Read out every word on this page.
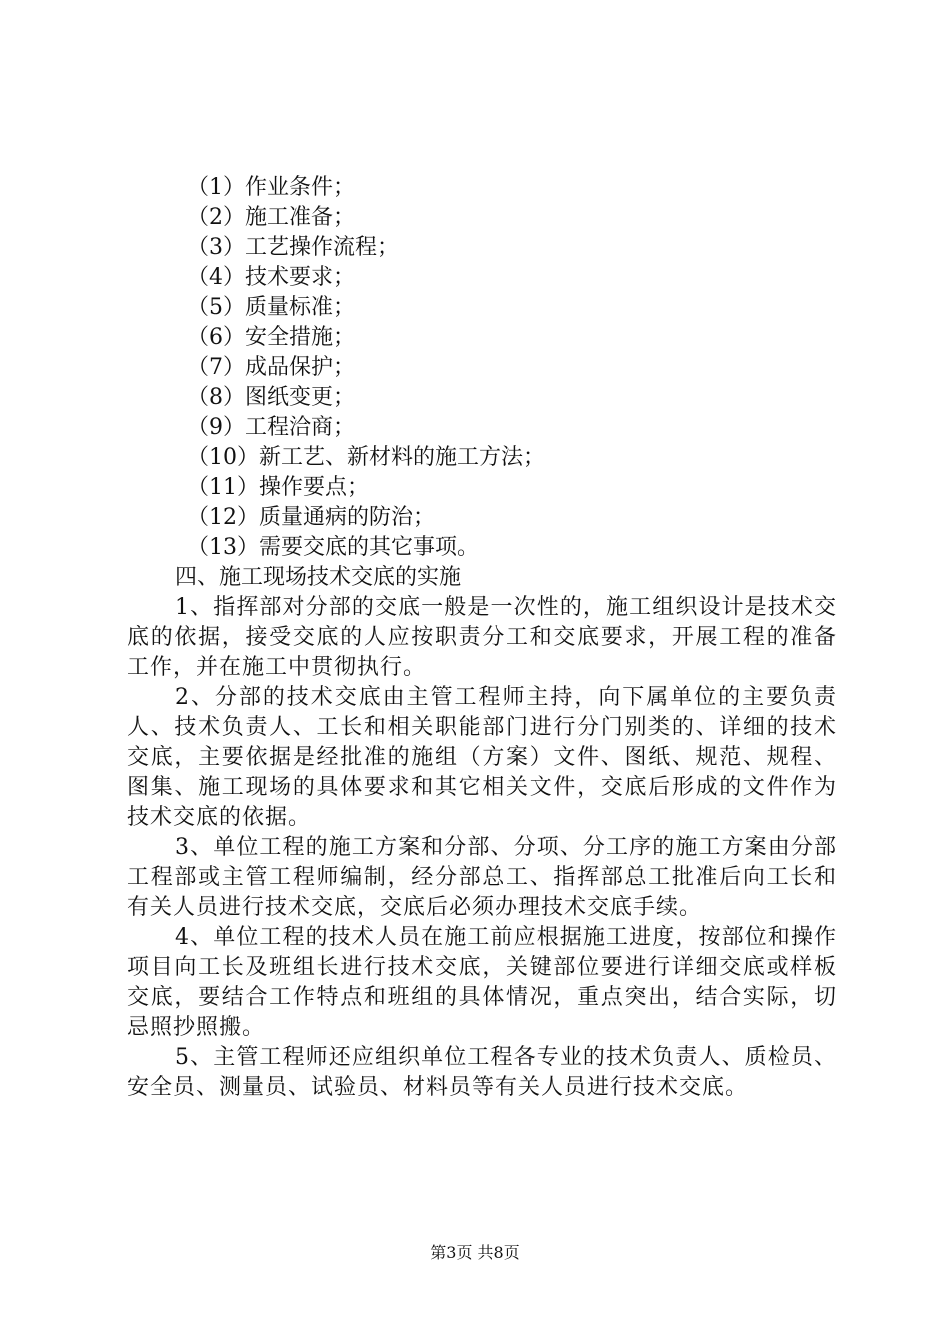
（1）作业条件；
（2）施工准备；
（3）工艺操作流程；
（4）技术要求；
（5）质量标准；
（6）安全措施；
（7）成品保护；
（8）图纸变更；
（9）工程洽商；
（10）新工艺、新材料的施工方法；
（11）操作要点；
（12）质量通病的防治；
（13）需要交底的其它事项。
四、施工现场技术交底的实施

1、指挥部对分部的交底一般是一次性的，施工组织设计是技术交底的依据，接受交底的人应按职责分工和交底要求，开展工程的准备工作，并在施工中贯彻执行。

2、分部的技术交底由主管工程师主持，向下属单位的主要负责人、技术负责人、工长和相关职能部门进行分门别类的、详细的技术交底，主要依据是经批准的施组（方案）文件、图纸、规范、规程、图集、施工现场的具体要求和其它相关文件，交底后形成的文件作为技术交底的依据。

3、单位工程的施工方案和分部、分项、分工序的施工方案由分部工程部或主管工程师编制，经分部总工、指挥部总工批准后向工长和有关人员进行技术交底，交底后必须办理技术交底手续。

4、单位工程的技术人员在施工前应根据施工进度，按部位和操作项目向工长及班组长进行技术交底，关键部位要进行详细交底或样板交底，要结合工作特点和班组的具体情况，重点突出，结合实际，切忌照抄照搬。

5、主管工程师还应组织单位工程各专业的技术负责人、质检员、安全员、测量员、试验员、材料员等有关人员进行技术交底。

第3页 共8页
